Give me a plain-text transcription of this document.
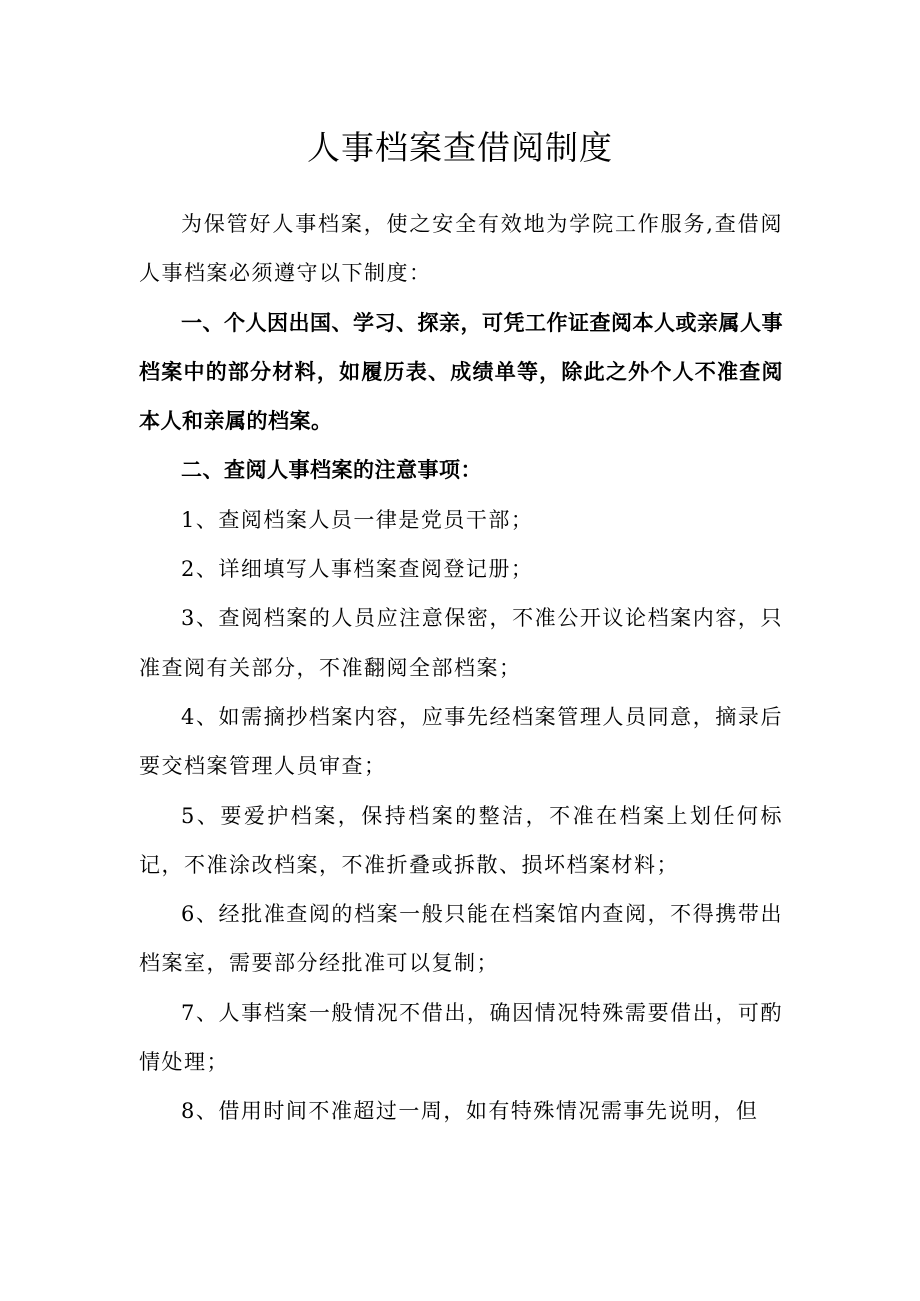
人事档案查借阅制度

为保管好人事档案，使之安全有效地为学院工作服务,查借阅人事档案必须遵守以下制度：

一、个人因出国、学习、探亲，可凭工作证查阅本人或亲属人事档案中的部分材料，如履历表、成绩单等，除此之外个人不准查阅本人和亲属的档案。

二、查阅人事档案的注意事项：

1、查阅档案人员一律是党员干部；

2、详细填写人事档案查阅登记册；

3、查阅档案的人员应注意保密，不准公开议论档案内容，只准查阅有关部分，不准翻阅全部档案；

4、如需摘抄档案内容，应事先经档案管理人员同意，摘录后要交档案管理人员审查；

5、要爱护档案，保持档案的整洁，不准在档案上划任何标记，不准涂改档案，不准折叠或拆散、损坏档案材料；

6、经批准查阅的档案一般只能在档案馆内查阅，不得携带出档案室，需要部分经批准可以复制；

7、人事档案一般情况不借出，确因情况特殊需要借出，可酌情处理；

8、借用时间不准超过一周，如有特殊情况需事先说明，但
